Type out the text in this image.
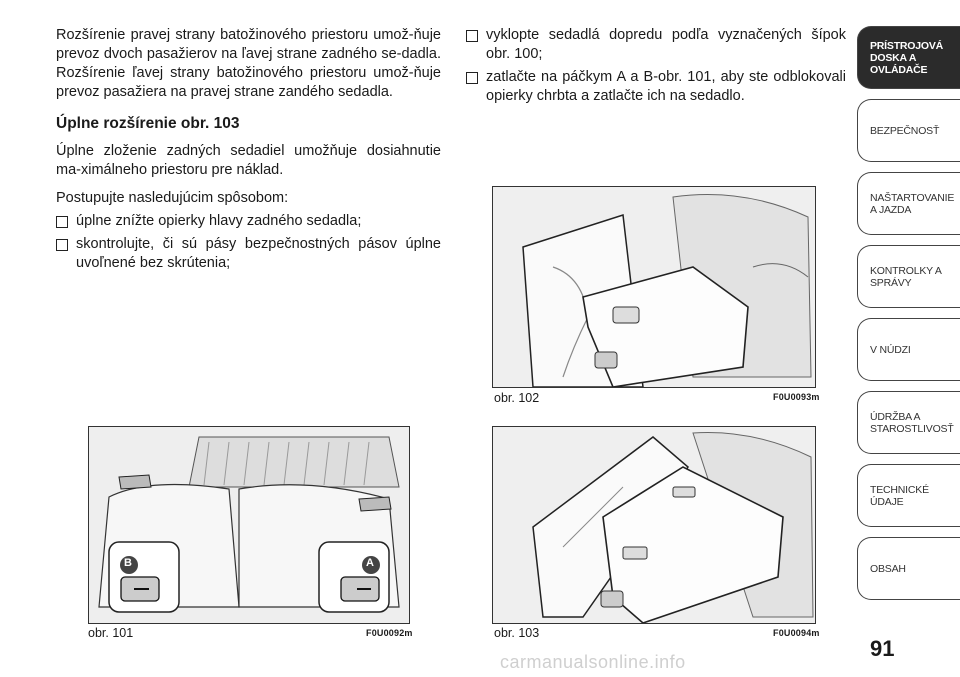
Rozšírenie pravej strany batožinového priestoru umož-ňuje prevoz dvoch pasažierov na ľavej strane zadného se-dadla. Rozšírenie ľavej strany batožinového priestoru umož-ňuje prevoz pasažiera na pravej strane zandého sedadla.

Úplne rozšírenie obr. 103

Úplne zloženie zadných sedadiel umožňuje dosiahnutie ma-ximálneho priestoru pre náklad.

Postupujte nasledujúcim spôsobom:

úplne znížte opierky hlavy zadného sedadla;
skontrolujte, či sú pásy bezpečnostných pásov úplne uvoľnené bez skrútenia;
vyklopte sedadlá dopredu podľa vyznačených šípok obr. 100;
zatlačte na páčkym A a B-obr. 101, aby ste odblokovali opierky chrbta a zatlačte ich na sedadlo.
B	A
obr. 101	F0U0092m
obr. 102	F0U0093m
obr. 103	F0U0094m
PRÍSTROJOVÁ DOSKA A OVLÁDAČE
BEZPEČNOSŤ
NAŠTARTOVANIE A JAZDA
KONTROLKY A SPRÁVY
V NÚDZI
ÚDRŽBA A STAROSTLIVOSŤ
TECHNICKÉ ÚDAJE
OBSAH
91
carmanualsonline.info
